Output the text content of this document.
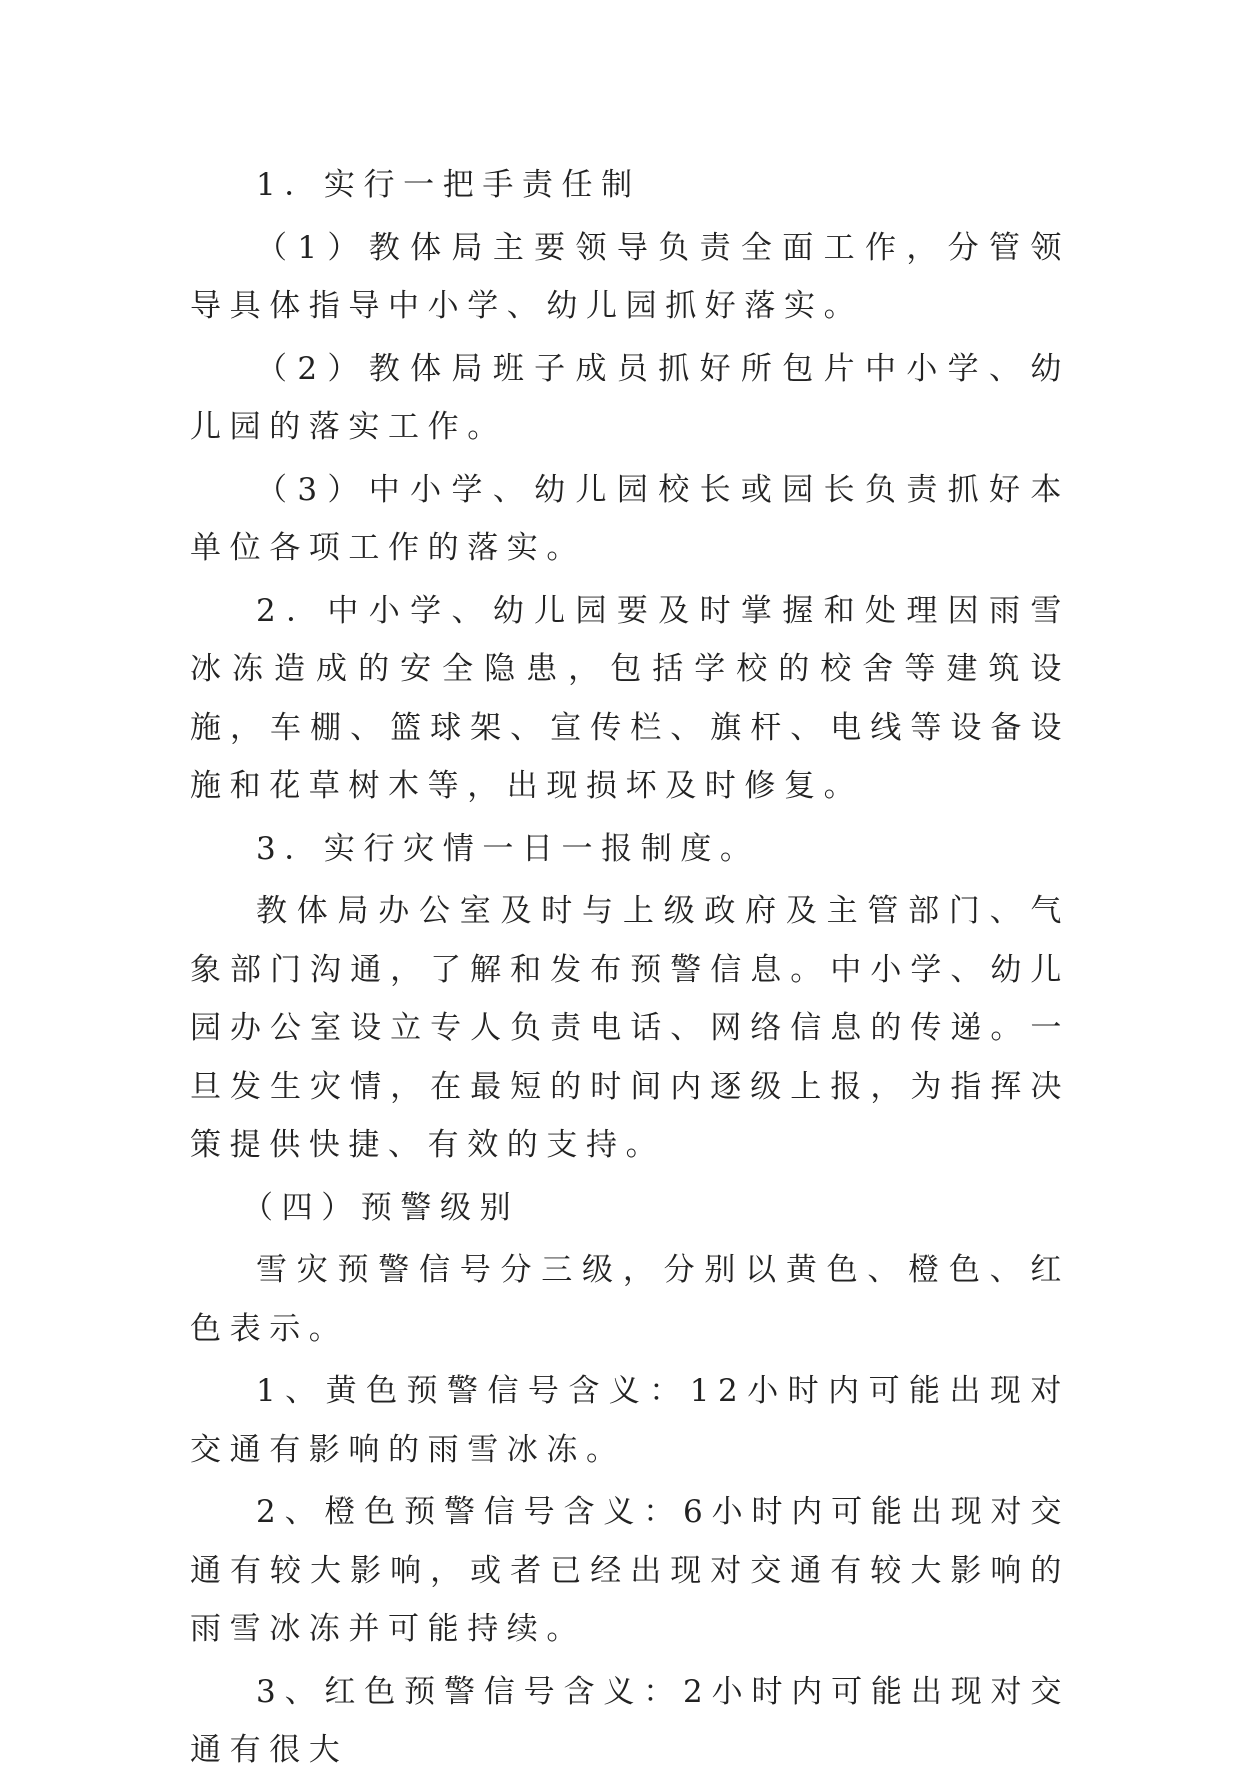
1．实行一把手责任制

（1）教体局主要领导负责全面工作，分管领导具体指导中小学、幼儿园抓好落实。

（2）教体局班子成员抓好所包片中小学、幼儿园的落实工作。

（3）中小学、幼儿园校长或园长负责抓好本单位各项工作的落实。

2．中小学、幼儿园要及时掌握和处理因雨雪冰冻造成的安全隐患，包括学校的校舍等建筑设施，车棚、篮球架、宣传栏、旗杆、电线等设备设施和花草树木等，出现损坏及时修复。

3．实行灾情一日一报制度。

教体局办公室及时与上级政府及主管部门、气象部门沟通，了解和发布预警信息。中小学、幼儿园办公室设立专人负责电话、网络信息的传递。一旦发生灾情，在最短的时间内逐级上报，为指挥决策提供快捷、有效的支持。

（四）预警级别

雪灾预警信号分三级，分别以黄色、橙色、红色表示。

1、黄色预警信号含义：12小时内可能出现对交通有影响的雨雪冰冻。

2、橙色预警信号含义：6小时内可能出现对交通有较大影响，或者已经出现对交通有较大影响的雨雪冰冻并可能持续。

3、红色预警信号含义：2小时内可能出现对交通有很大
